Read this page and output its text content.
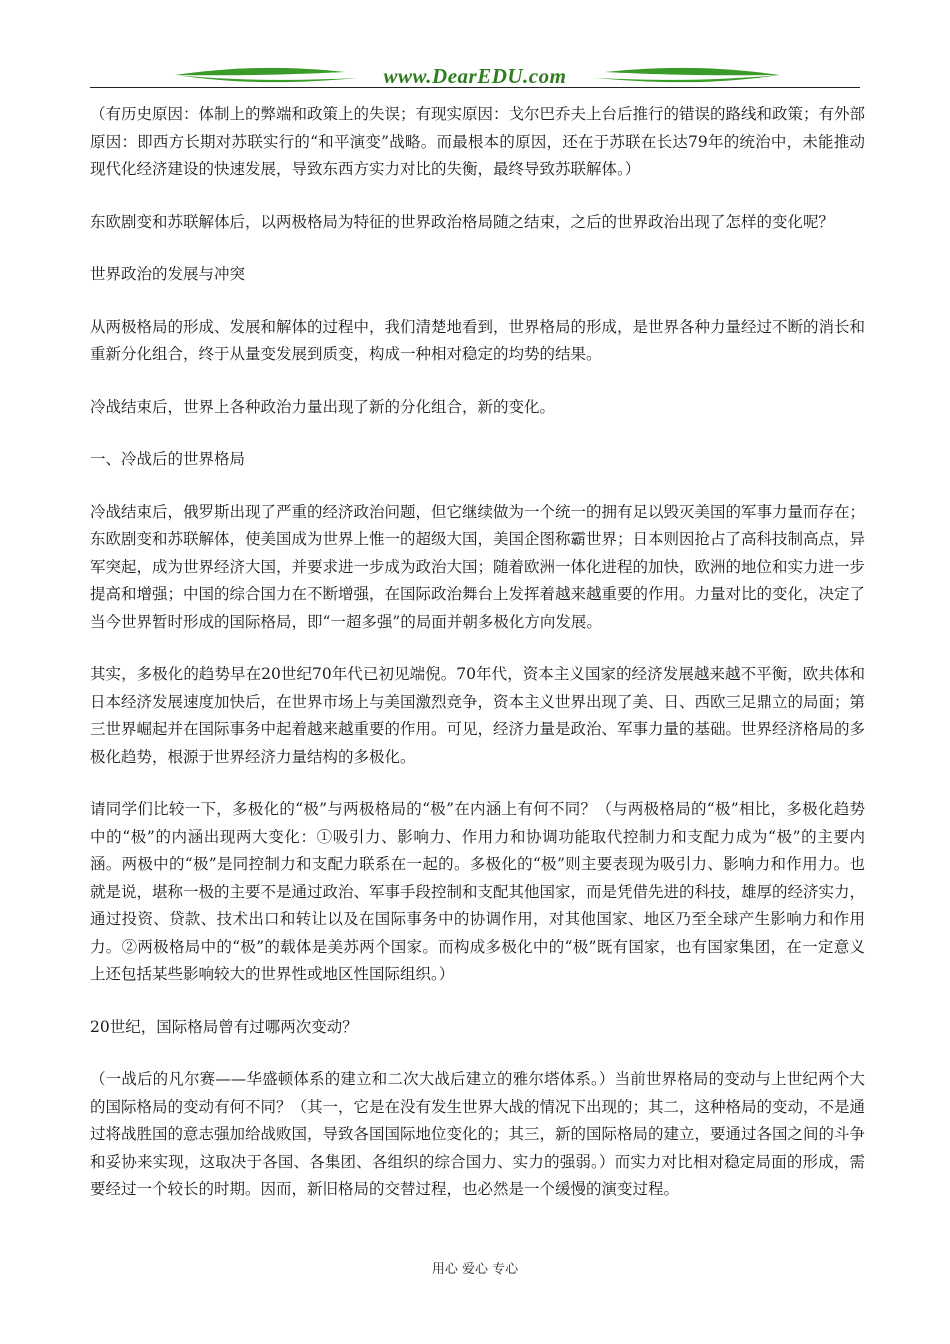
www.DearEDU.com

（有历史原因：体制上的弊端和政策上的失误；有现实原因：戈尔巴乔夫上台后推行的错误的路线和政策；有外部原因：即西方长期对苏联实行的“和平演变”战略。而最根本的原因，还在于苏联在长达79年的统治中，未能推动现代化经济建设的快速发展，导致东西方实力对比的失衡，最终导致苏联解体。）

东欧剧变和苏联解体后，以两极格局为特征的世界政治格局随之结束，之后的世界政治出现了怎样的变化呢？

世界政治的发展与冲突

从两极格局的形成、发展和解体的过程中，我们清楚地看到，世界格局的形成，是世界各种力量经过不断的消长和重新分化组合，终于从量变发展到质变，构成一种相对稳定的均势的结果。

冷战结束后，世界上各种政治力量出现了新的分化组合，新的变化。

一、冷战后的世界格局

冷战结束后，俄罗斯出现了严重的经济政治问题，但它继续做为一个统一的拥有足以毁灭美国的军事力量而存在；东欧剧变和苏联解体，使美国成为世界上惟一的超级大国，美国企图称霸世界；日本则因抢占了高科技制高点，异军突起，成为世界经济大国，并要求进一步成为政治大国；随着欧洲一体化进程的加快，欧洲的地位和实力进一步提高和增强；中国的综合国力在不断增强，在国际政治舞台上发挥着越来越重要的作用。力量对比的变化，决定了当今世界暂时形成的国际格局，即“一超多强”的局面并朝多极化方向发展。

其实，多极化的趋势早在20世纪70年代已初见端倪。70年代，资本主义国家的经济发展越来越不平衡，欧共体和日本经济发展速度加快后，在世界市场上与美国激烈竞争，资本主义世界出现了美、日、西欧三足鼎立的局面；第三世界崛起并在国际事务中起着越来越重要的作用。可见，经济力量是政治、军事力量的基础。世界经济格局的多极化趋势，根源于世界经济力量结构的多极化。

请同学们比较一下，多极化的“极”与两极格局的“极”在内涵上有何不同？（与两极格局的“极”相比，多极化趋势中的“极”的内涵出现两大变化：①吸引力、影响力、作用力和协调功能取代控制力和支配力成为“极”的主要内涵。两极中的“极”是同控制力和支配力联系在一起的。多极化的“极”则主要表现为吸引力、影响力和作用力。也就是说，堪称一极的主要不是通过政治、军事手段控制和支配其他国家，而是凭借先进的科技，雄厚的经济实力，通过投资、贷款、技术出口和转让以及在国际事务中的协调作用，对其他国家、地区乃至全球产生影响力和作用力。②两极格局中的“极”的载体是美苏两个国家。而构成多极化中的“极”既有国家，也有国家集团，在一定意义上还包括某些影响较大的世界性或地区性国际组织。）

20世纪，国际格局曾有过哪两次变动？

（一战后的凡尔赛——华盛顿体系的建立和二次大战后建立的雅尔塔体系。）当前世界格局的变动与上世纪两个大的国际格局的变动有何不同？（其一，它是在没有发生世界大战的情况下出现的；其二，这种格局的变动，不是通过将战胜国的意志强加给战败国，导致各国国际地位变化的；其三，新的国际格局的建立，要通过各国之间的斗争和妥协来实现，这取决于各国、各集团、各组织的综合国力、实力的强弱。）而实力对比相对稳定局面的形成，需要经过一个较长的时期。因而，新旧格局的交替过程，也必然是一个缓慢的演变过程。

用心 爱心 专心
